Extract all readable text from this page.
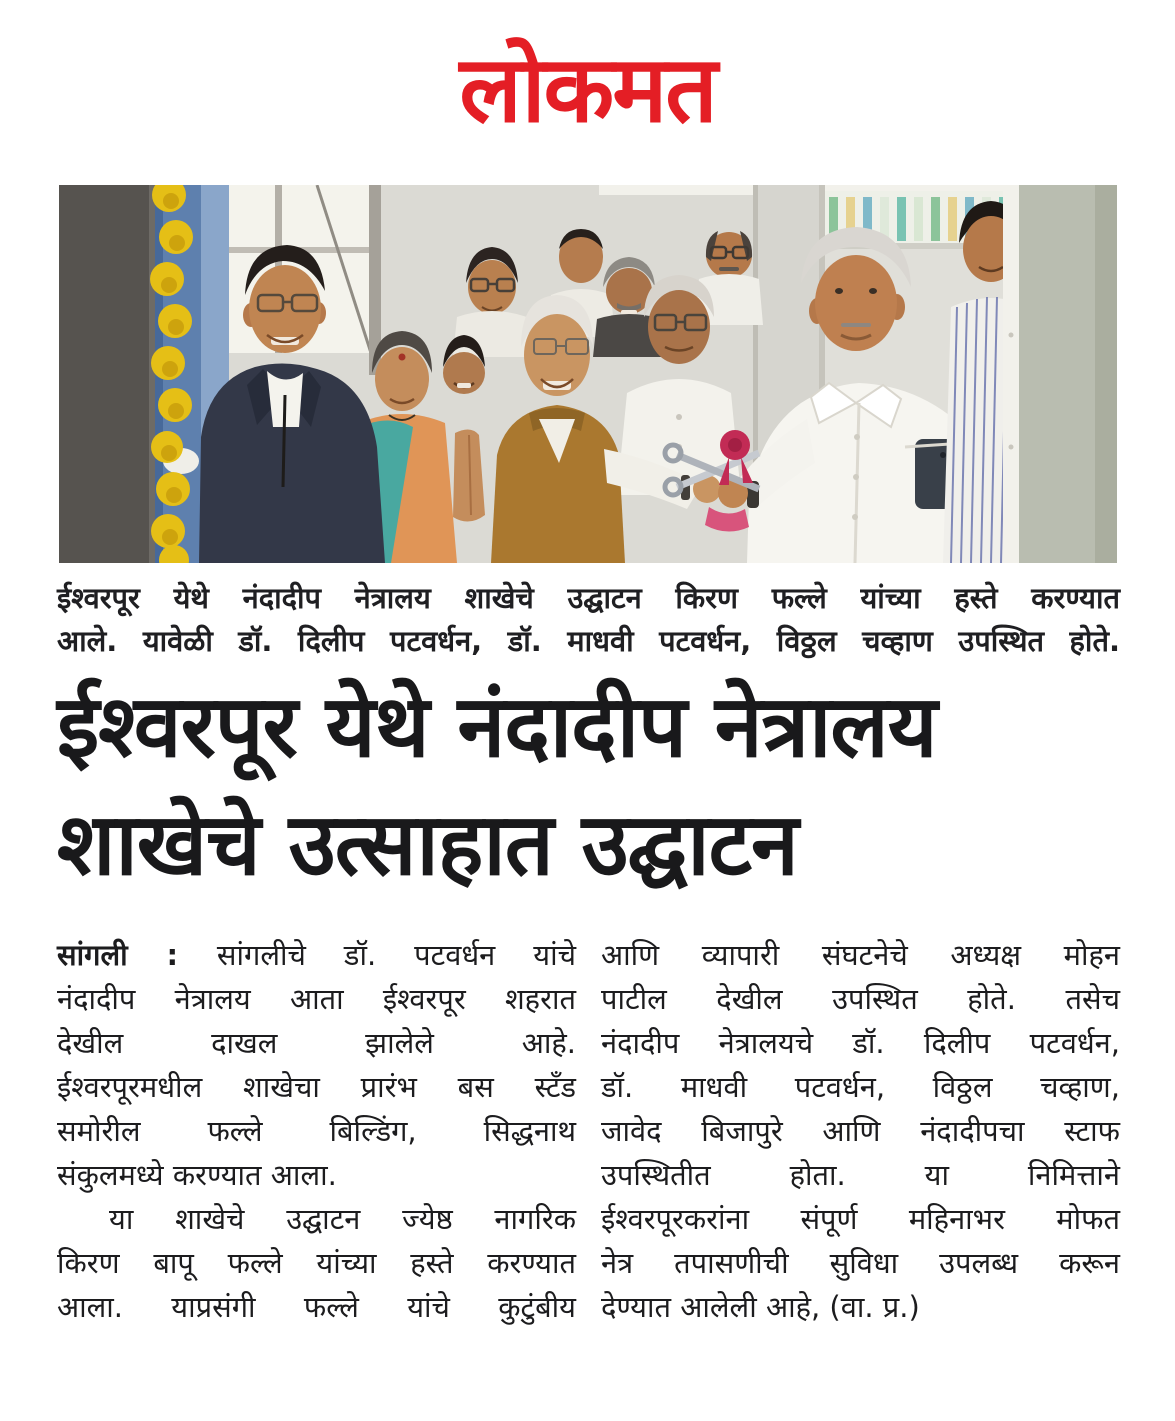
लोकमत

ईश्वरपूर येथे नंदादीप नेत्रालय शाखेचे उद्घाटन किरण फल्ले यांच्या हस्ते करण्यात

आले. यावेळी डॉ. दिलीप पटवर्धन, डॉ. माधवी पटवर्धन, विठ्ठल चव्हाण उपस्थित होते.

ईश्वरपूर येथे नंदादीप नेत्रालय
शाखेचे उत्साहात उद्घाटन

सांगली : सांगलीचे डॉ. पटवर्धन यांचे

नंदादीप नेत्रालय आता ईश्वरपूर शहरात

देखील दाखल झालेले आहे.

ईश्वरपूरमधील शाखेचा प्रारंभ बस स्टँड

समोरील फल्ले बिल्डिंग, सिद्धनाथ

संकुलमध्ये करण्यात आला.

या शाखेचे उद्घाटन ज्येष्ठ नागरिक

किरण बापू फल्ले यांच्या हस्ते करण्यात

आला. याप्रसंगी फल्ले यांचे कुटुंबीय

आणि व्यापारी संघटनेचे अध्यक्ष मोहन

पाटील देखील उपस्थित होते. तसेच

नंदादीप नेत्रालयचे डॉ. दिलीप पटवर्धन,

डॉ. माधवी पटवर्धन, विठ्ठल चव्हाण,

जावेद बिजापुरे आणि नंदादीपचा स्टाफ

उपस्थितीत होता. या निमित्ताने

ईश्वरपूरकरांना संपूर्ण महिनाभर मोफत

नेत्र तपासणीची सुविधा उपलब्ध करून

देण्यात आलेली आहे, (वा. प्र.)
